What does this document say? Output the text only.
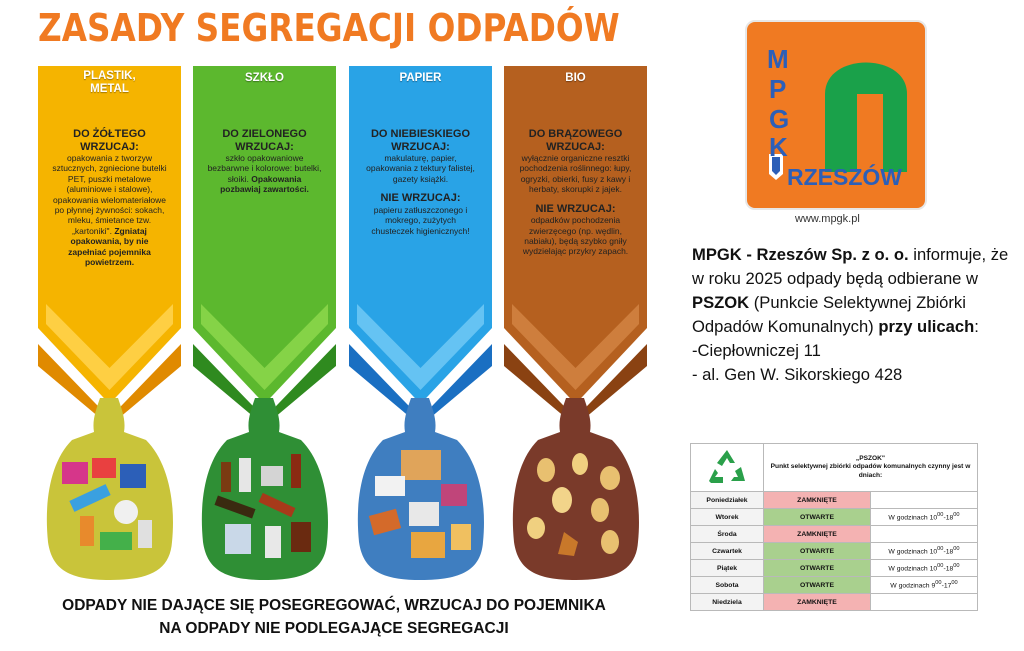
ZASADY SEGREGACJI ODPADÓW
PLASTIK,
METAL
DO ŻÓŁTEGO WRZUCAJ:
opakowania z tworzyw sztucznych, zgniecione butelki PET, puszki metalowe (aluminiowe i stalowe), opakowania wielomateriałowe po płynnej żywności: sokach, mleku, śmietance tzw. „kartoniki". Zgniataj opakowania, by nie zapełniać pojemnika powietrzem.
SZKŁO
DO ZIELONEGO WRZUCAJ:
szkło opakowaniowe bezbarwne i kolorowe: butelki, słoiki. Opakowania pozbawiaj zawartości.
PAPIER
DO NIEBIESKIEGO WRZUCAJ:
makulaturę, papier, opakowania z tektury falistej, gazety książki.
NIE WRZUCAJ:
papieru zatłuszczonego i mokrego, zużytych chusteczek higienicznych!
BIO
DO BRĄZOWEGO WRZUCAJ:
wyłącznie organiczne resztki pochodzenia roślinnego: łupy, ogryzki, obierki, fusy z kawy i herbaty, skorupki z jajek.
NIE WRZUCAJ:
odpadków pochodzenia zwierzęcego (np. wędlin, nabiału), będą szybko gniły wydzielając przykry zapach.
ODPADY NIE DAJĄCE SIĘ POSEGREGOWAĆ, WRZUCAJ DO POJEMNIKA
NA ODPADY NIE PODLEGAJĄCE SEGREGACJI
M
P
G
K
RZESZÓW
www.mpgk.pl
MPGK - Rzeszów Sp. z o. o. informuje, że w roku 2025 odpady będą odbierane w PSZOK (Punkcie Selektywnej Zbiórki Odpadów Komunalnych) przy ulicach:
-Ciepłowniczej 11
- al. Gen W. Sikorskiego 428
	„PSZOK"
Punkt selektywnej zbiórki odpadów komunalnych czynny jest w dniach:	
Poniedziałek	ZAMKNIĘTE	
Wtorek	OTWARTE	W godzinach $10^{00}-18^{00}$
Środa	ZAMKNIĘTE	
Czwartek	OTWARTE	W godzinach $10^{00}-18^{00}$
Piątek	OTWARTE	W godzinach $10^{00}-18^{00}$
Sobota	OTWARTE	W godzinach $9^{00}-17^{00}$
Niedziela	ZAMKNIĘTE	
